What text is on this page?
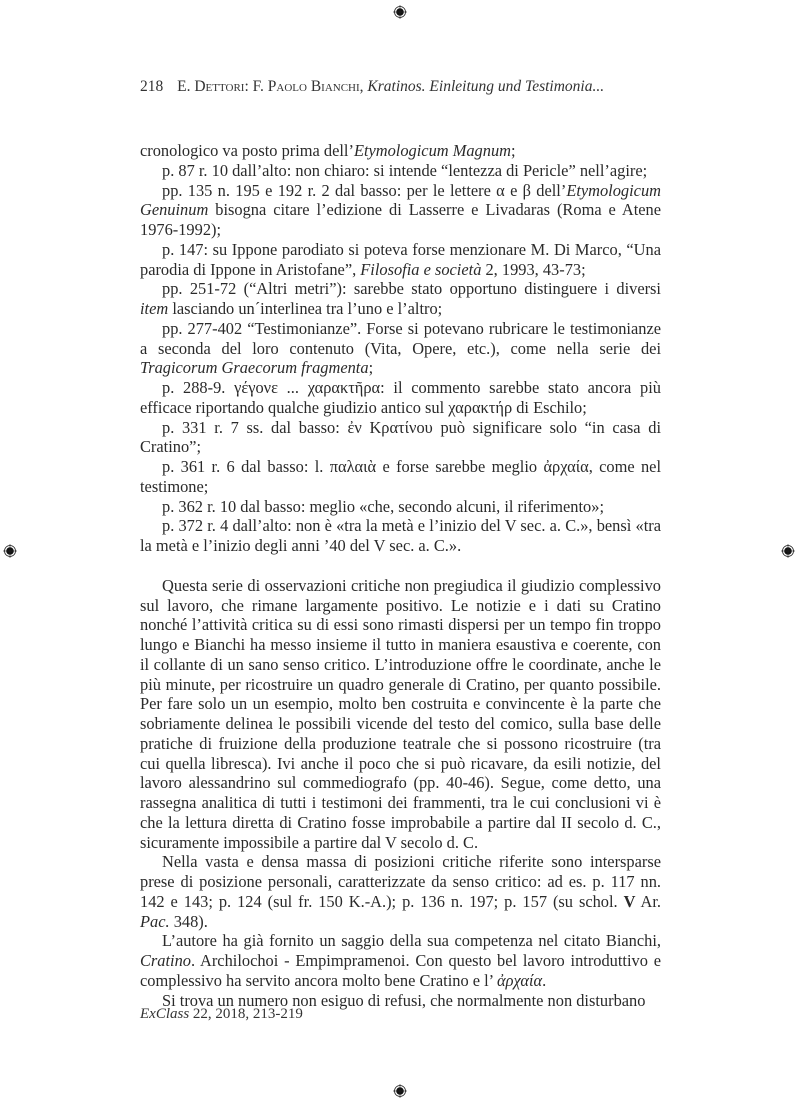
218 E. Dettori: F. Paolo Bianchi, Kratinos. Einleitung und Testimonia...

cronologico va posto prima dell’Etymologicum Magnum;

p. 87 r. 10 dall’alto: non chiaro: si intende “lentezza di Pericle” nell’agire;

pp. 135 n. 195 e 192 r. 2 dal basso: per le lettere α e β dell’Etymologicum Genuinum bisogna citare l’edizione di Lasserre e Livadaras (Roma e Atene 1976-1992);

p. 147: su Ippone parodiato si poteva forse menzionare M. Di Marco, “Una parodia di Ippone in Aristofane”, Filosofia e società 2, 1993, 43-73;

pp. 251-72 (“Altri metri”): sarebbe stato opportuno distinguere i diversi item lasciando un´interlinea tra l’uno e l’altro;

pp. 277-402 “Testimonianze”. Forse si potevano rubricare le testimonianze a seconda del loro contenuto (Vita, Opere, etc.), come nella serie dei Tragicorum Graecorum fragmenta;

p. 288-9. γέγονε ... χαρακτῆρα: il commento sarebbe stato ancora più efficace riportando qualche giudizio antico sul χαρακτήρ di Eschilo;

p. 331 r. 7 ss. dal basso: ἐν Κρατίνου può significare solo “in casa di Cratino”;

p. 361 r. 6 dal basso: l. παλαιὰ e forse sarebbe meglio ἀρχαία, come nel testimone;

p. 362 r. 10 dal basso: meglio «che, secondo alcuni, il riferimento»;

p. 372 r. 4 dall’alto: non è «tra la metà e l’inizio del V sec. a. C.», bensì «tra la metà e l’inizio degli anni ’40 del V sec. a. C.».

Questa serie di osservazioni critiche non pregiudica il giudizio complessivo sul lavoro, che rimane largamente positivo. Le notizie e i dati su Cratino nonché l’attività critica su di essi sono rimasti dispersi per un tempo fin troppo lungo e Bianchi ha messo insieme il tutto in maniera esaustiva e coerente, con il collante di un sano senso critico. L’introduzione offre le coordinate, anche le più minute, per ricostruire un quadro generale di Cratino, per quanto possibile. Per fare solo un un esempio, molto ben costruita e convincente è la parte che sobriamente delinea le possibili vicende del testo del comico, sulla base delle pratiche di fruizione della produzione teatrale che si possono ricostruire (tra cui quella libresca). Ivi anche il poco che si può ricavare, da esili notizie, del lavoro alessandrino sul commediografo (pp. 40-46). Segue, come detto, una rassegna analitica di tutti i testimoni dei frammenti, tra le cui conclusioni vi è che la lettura diretta di Cratino fosse improbabile a partire dal II secolo d. C., sicuramente impossibile a partire dal V secolo d. C.

Nella vasta e densa massa di posizioni critiche riferite sono intersparse prese di posizione personali, caratterizzate da senso critico: ad es. p. 117 nn. 142 e 143; p. 124 (sul fr. 150 K.-A.); p. 136 n. 197; p. 157 (su schol. V Ar. Pac. 348).

L’autore ha già fornito un saggio della sua competenza nel citato Bianchi, Cratino. Archilochoi - Empimpramenoi. Con questo bel lavoro introduttivo e complessivo ha servito ancora molto bene Cratino e l’ ἀρχαία.

Si trova un numero non esiguo di refusi, che normalmente non disturbano

ExClass 22, 2018, 213-219
